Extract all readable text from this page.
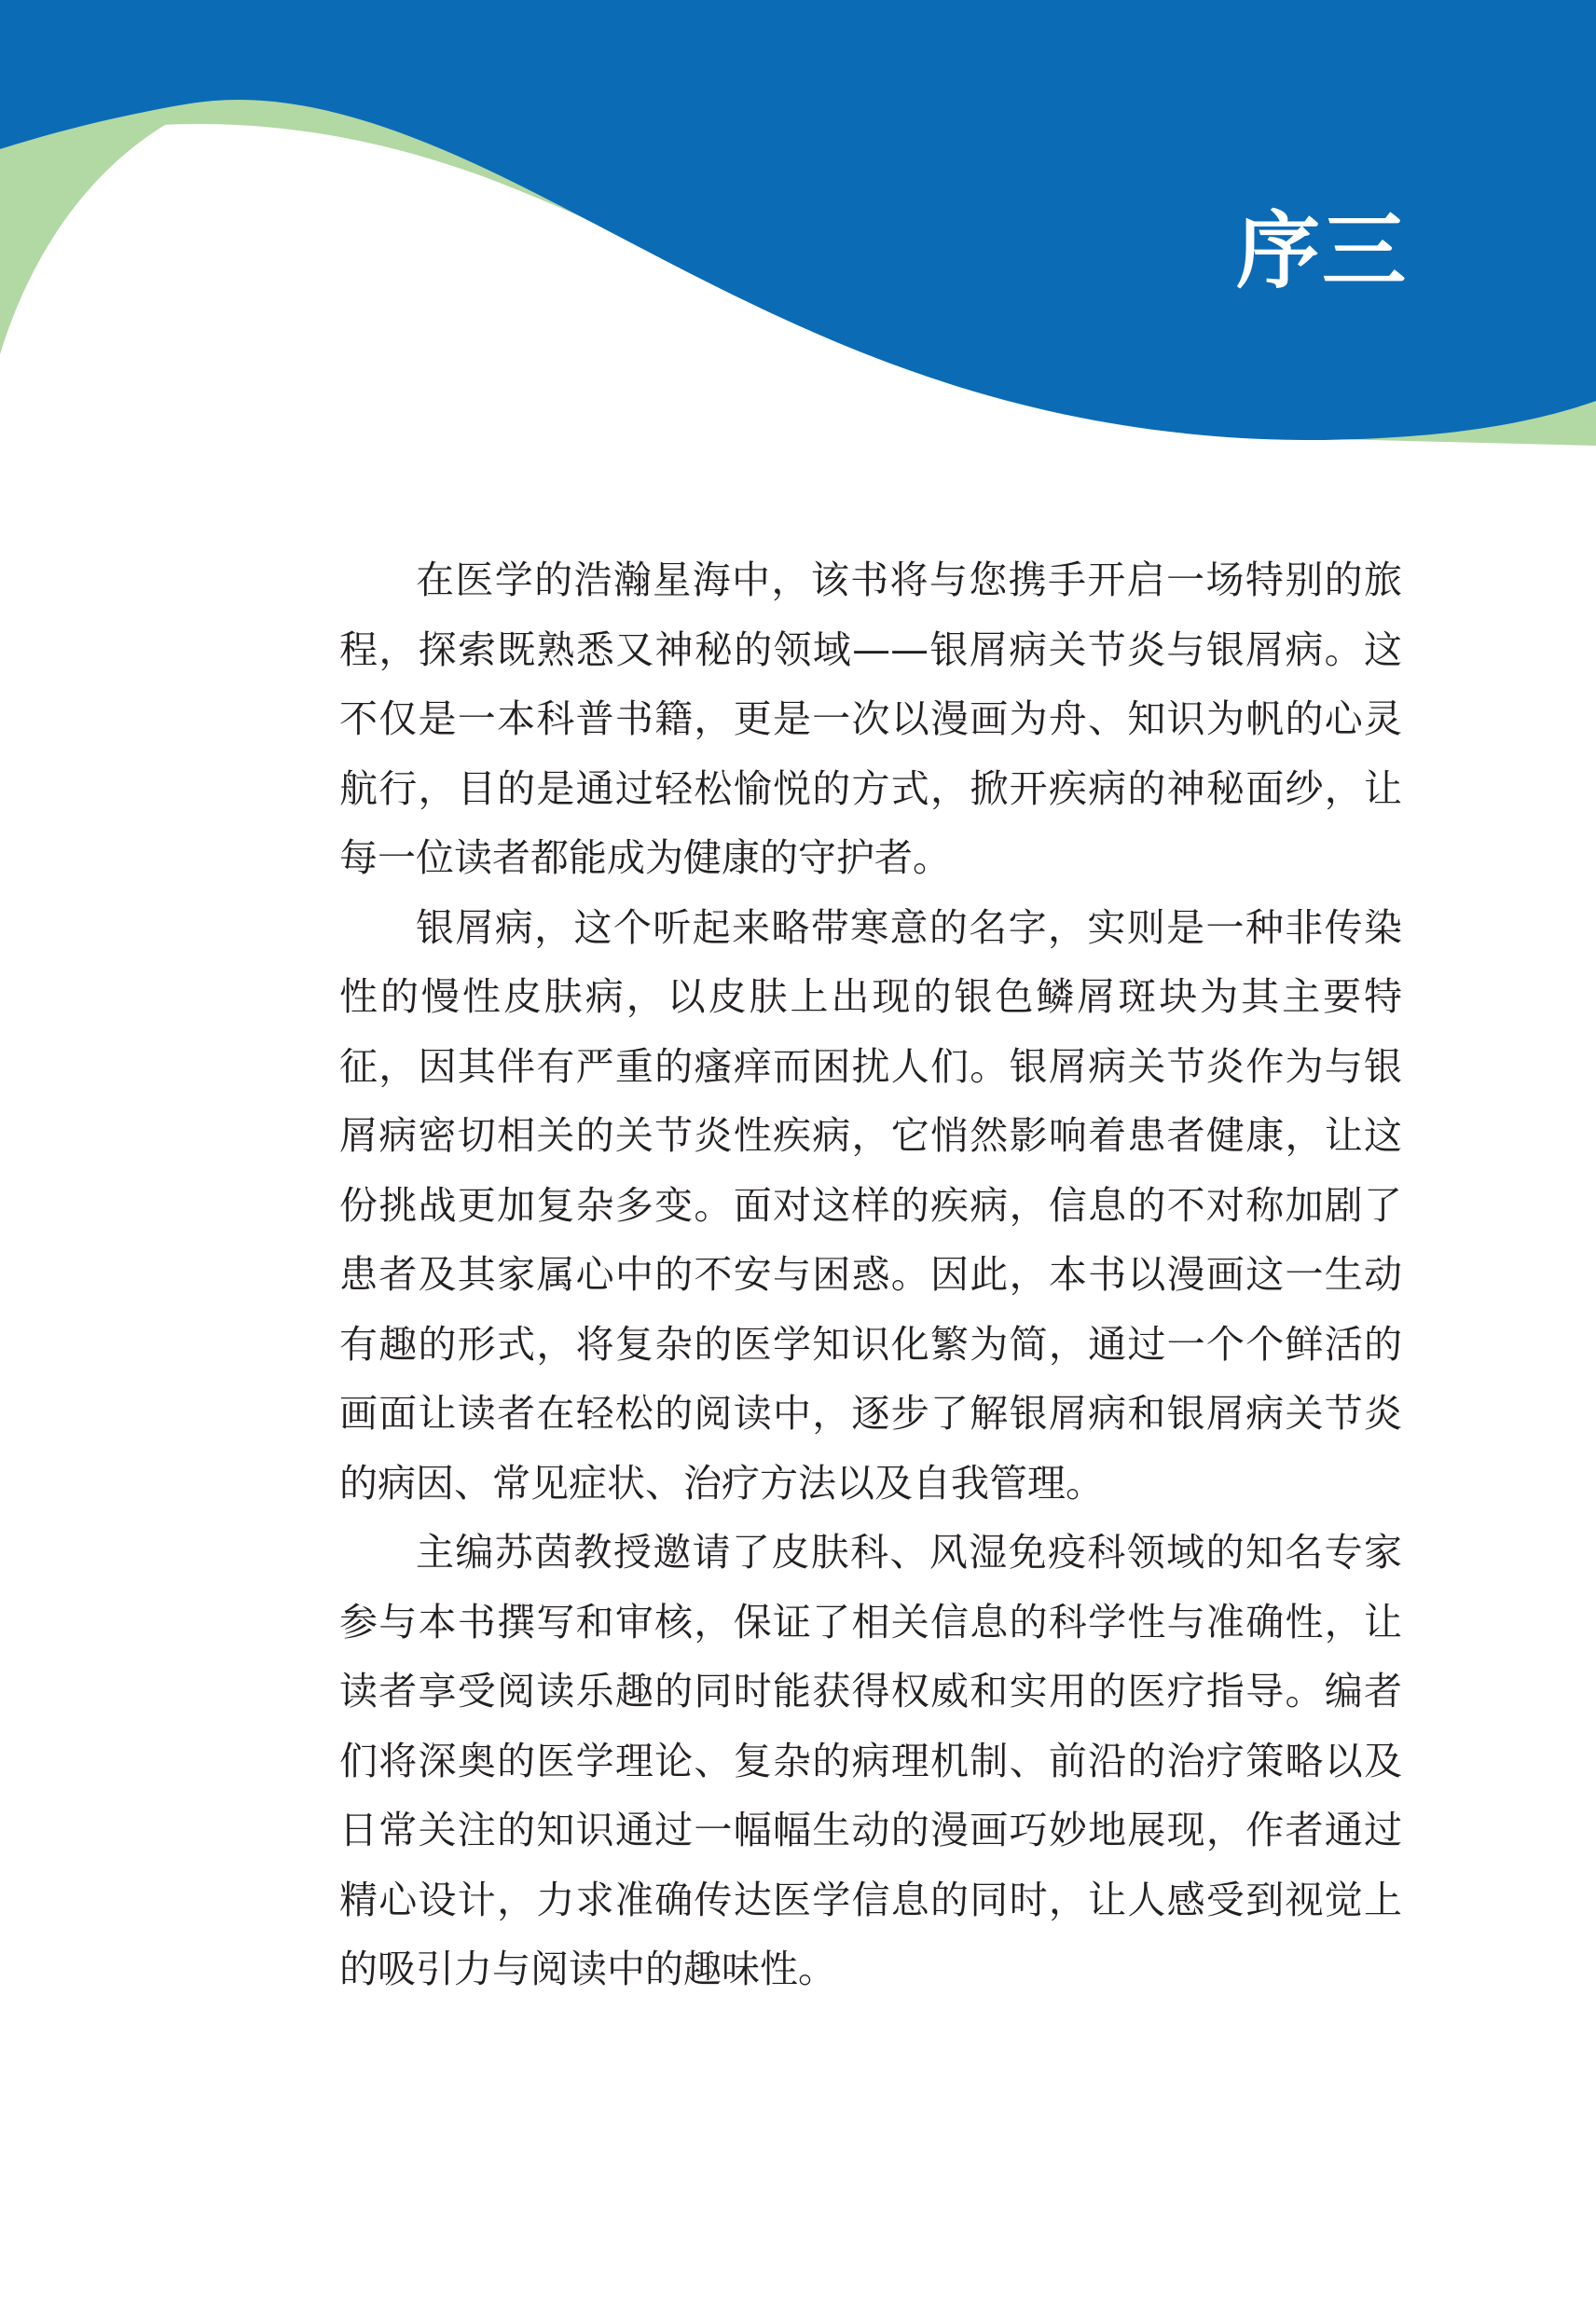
序三

在医学的浩瀚星海中，该书将与您携手开启一场特别的旅程，探索既熟悉又神秘的领域——银屑病关节炎与银屑病。这不仅是一本科普书籍，更是一次以漫画为舟、知识为帆的心灵航行，目的是通过轻松愉悦的方式，掀开疾病的神秘面纱，让每一位读者都能成为健康的守护者。

银屑病，这个听起来略带寒意的名字，实则是一种非传染性的慢性皮肤病，以皮肤上出现的银色鳞屑斑块为其主要特征，因其伴有严重的瘙痒而困扰人们。银屑病关节炎作为与银屑病密切相关的关节炎性疾病，它悄然影响着患者健康，让这份挑战更加复杂多变。面对这样的疾病，信息的不对称加剧了患者及其家属心中的不安与困惑。因此，本书以漫画这一生动有趣的形式，将复杂的医学知识化繁为简，通过一个个鲜活的画面让读者在轻松的阅读中，逐步了解银屑病和银屑病关节炎的病因、常见症状、治疗方法以及自我管理。

主编苏茵教授邀请了皮肤科、风湿免疫科领域的知名专家参与本书撰写和审核，保证了相关信息的科学性与准确性，让读者享受阅读乐趣的同时能获得权威和实用的医疗指导。编者们将深奥的医学理论、复杂的病理机制、前沿的治疗策略以及日常关注的知识通过一幅幅生动的漫画巧妙地展现，作者通过精心设计，力求准确传达医学信息的同时，让人感受到视觉上的吸引力与阅读中的趣味性。
